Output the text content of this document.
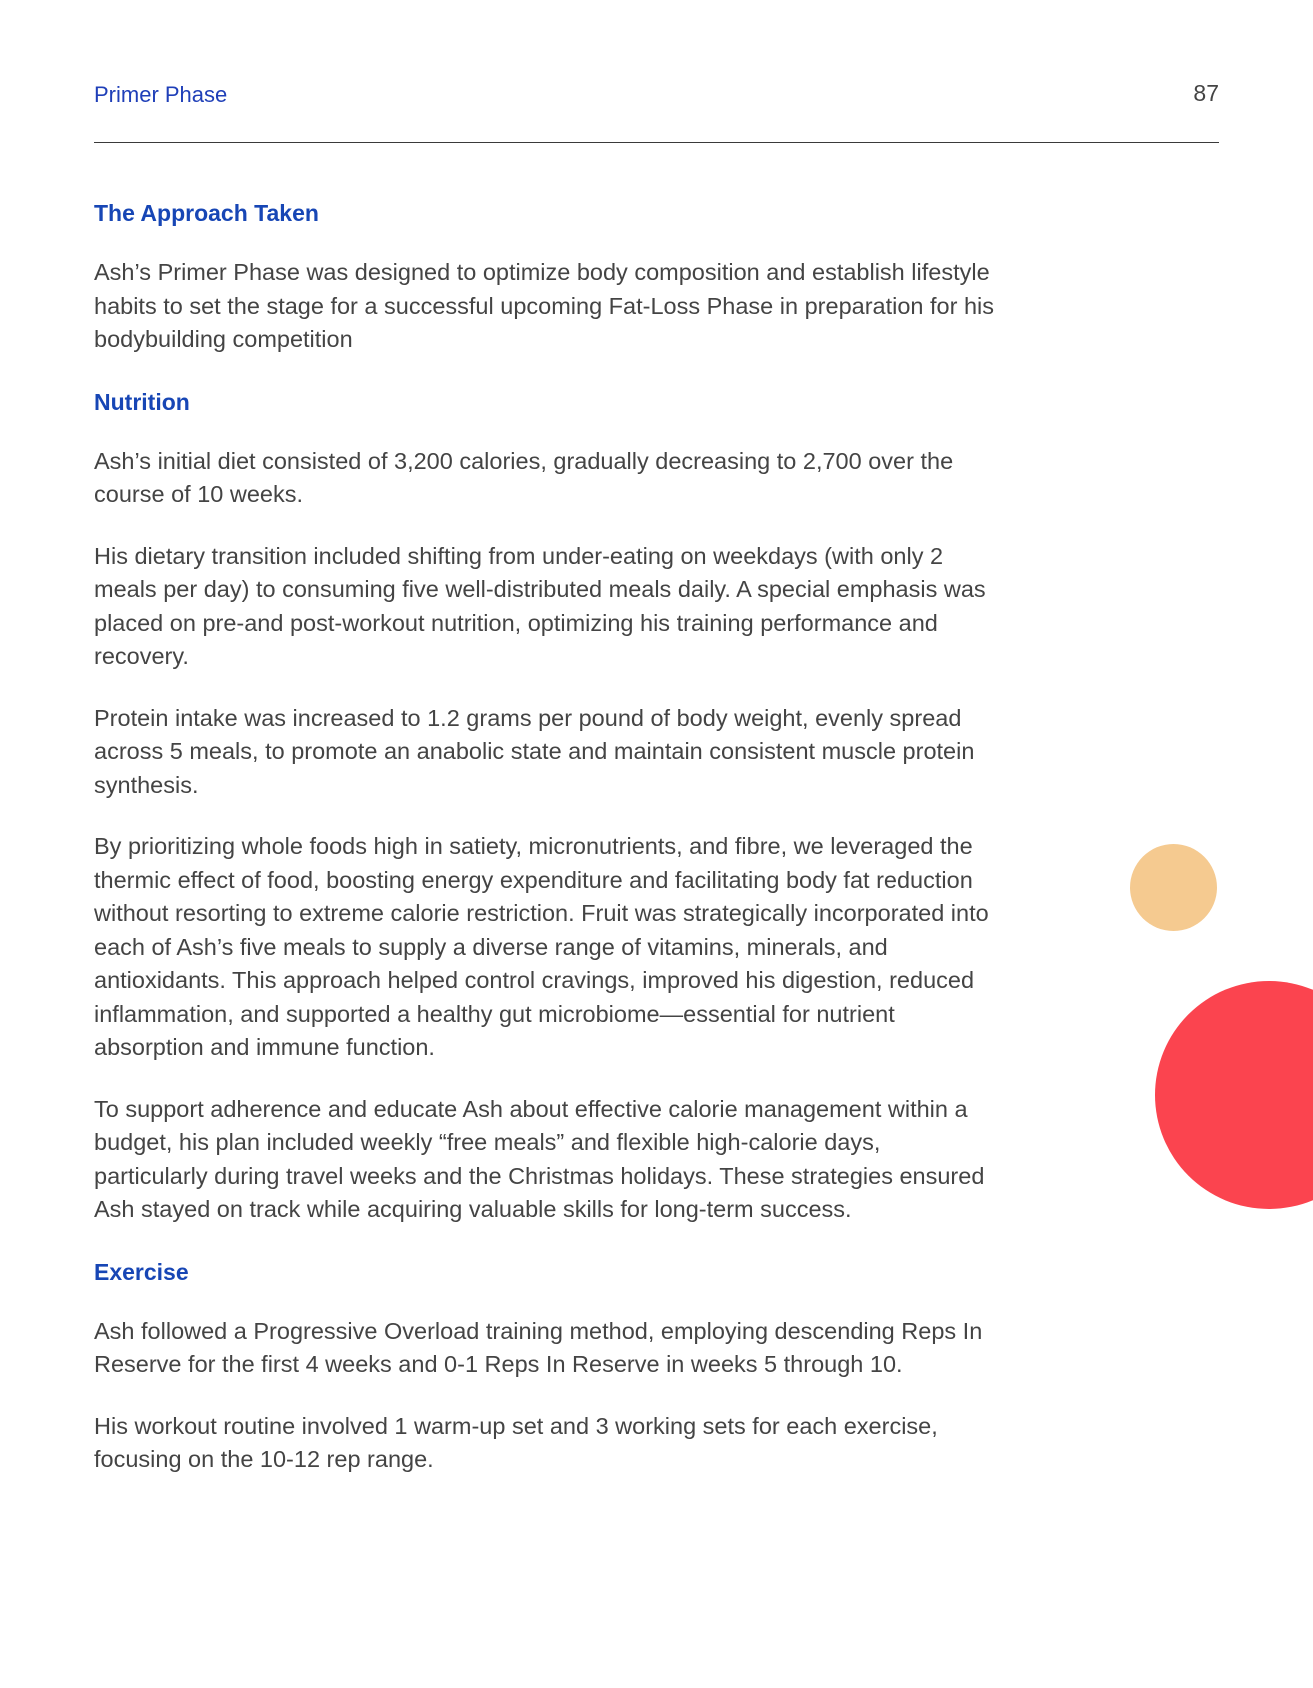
Primer Phase	87
The Approach Taken

Ash’s Primer Phase was designed to optimize body composition and establish lifestyle habits to set the stage for a successful upcoming Fat-Loss Phase in preparation for his bodybuilding competition

Nutrition

Ash’s initial diet consisted of 3,200 calories, gradually decreasing to 2,700 over the course of 10 weeks.

His dietary transition included shifting from under-eating on weekdays (with only 2 meals per day) to consuming five well-distributed meals daily. A special emphasis was placed on pre-and post-workout nutrition, optimizing his training performance and recovery.

Protein intake was increased to 1.2 grams per pound of body weight, evenly spread across 5 meals, to promote an anabolic state and maintain consistent muscle protein synthesis.

By prioritizing whole foods high in satiety, micronutrients, and fibre, we leveraged the thermic effect of food, boosting energy expenditure and facilitating body fat reduction without resorting to extreme calorie restriction. Fruit was strategically incorporated into each of Ash’s five meals to supply a diverse range of vitamins, minerals, and antioxidants. This approach helped control cravings, improved his digestion, reduced inflammation, and supported a healthy gut microbiome—essential for nutrient absorption and immune function.

To support adherence and educate Ash about effective calorie management within a budget, his plan included weekly “free meals” and flexible high-calorie days, particularly during travel weeks and the Christmas holidays. These strategies ensured Ash stayed on track while acquiring valuable skills for long-term success.

Exercise

Ash followed a Progressive Overload training method, employing descending Reps In Reserve for the first 4 weeks and 0-1 Reps In Reserve in weeks 5 through 10.

His workout routine involved 1 warm-up set and 3 working sets for each exercise, focusing on the 10-12 rep range.
